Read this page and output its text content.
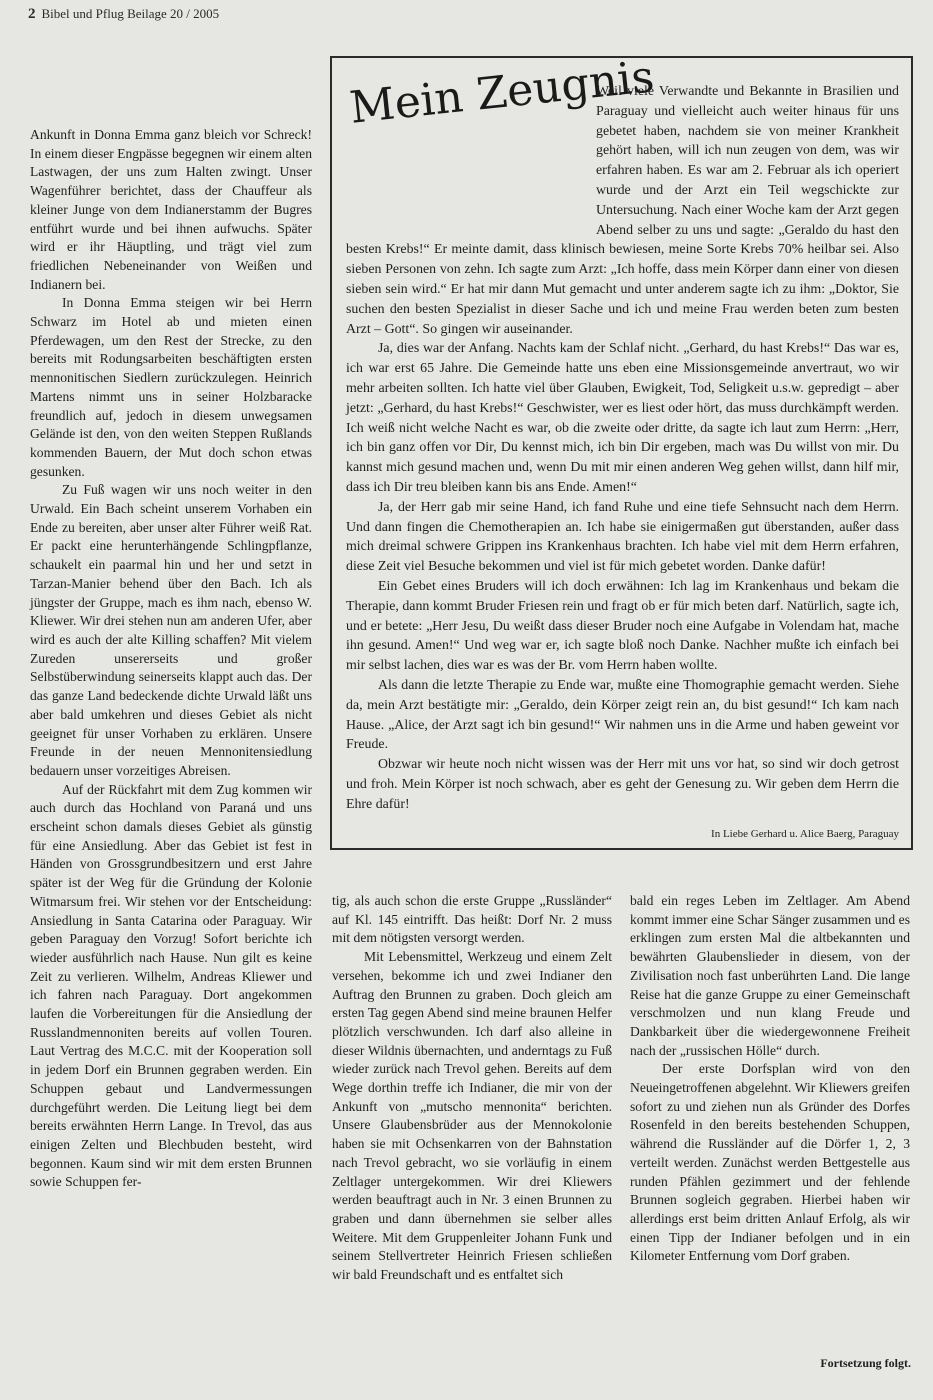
2 Bibel und Pflug Beilage 20 / 2005

Ankunft in Donna Emma ganz bleich vor Schreck! In einem dieser Engpässe begegnen wir einem alten Lastwagen, der uns zum Halten zwingt. Unser Wagenführer berichtet, dass der Chauffeur als kleiner Junge von dem Indianerstamm der Bugres entführt wurde und bei ihnen aufwuchs. Später wird er ihr Häuptling, und trägt viel zum friedlichen Nebeneinander von Weißen und Indianern bei.

In Donna Emma steigen wir bei Herrn Schwarz im Hotel ab und mieten einen Pferdewagen, um den Rest der Strecke, zu den bereits mit Rodungsarbeiten beschäftigten ersten mennonitischen Siedlern zurückzulegen. Heinrich Martens nimmt uns in seiner Holzbaracke freundlich auf, jedoch in diesem unwegsamen Gelände ist den, von den weiten Steppen Rußlands kommenden Bauern, der Mut doch schon etwas gesunken.

Zu Fuß wagen wir uns noch weiter in den Urwald. Ein Bach scheint unserem Vorhaben ein Ende zu bereiten, aber unser alter Führer weiß Rat. Er packt eine herunterhängende Schlingpflanze, schaukelt ein paarmal hin und her und setzt in Tarzan-Manier behend über den Bach. Ich als jüngster der Gruppe, mach es ihm nach, ebenso W. Kliewer. Wir drei stehen nun am anderen Ufer, aber wird es auch der alte Killing schaffen? Mit vielem Zureden unsererseits und großer Selbstüberwindung seinerseits klappt auch das. Der das ganze Land bedeckende dichte Urwald läßt uns aber bald umkehren und dieses Gebiet als nicht geeignet für unser Vorhaben zu erklären. Unsere Freunde in der neuen Mennonitensiedlung bedauern unser vorzeitiges Abreisen.

Auf der Rückfahrt mit dem Zug kommen wir auch durch das Hochland von Paraná und uns erscheint schon damals dieses Gebiet als günstig für eine Ansiedlung. Aber das Gebiet ist fest in Händen von Grossgrundbesitzern und erst Jahre später ist der Weg für die Gründung der Kolonie Witmarsum frei. Wir stehen vor der Entscheidung: Ansiedlung in Santa Catarina oder Paraguay. Wir geben Paraguay den Vorzug! Sofort berichte ich wieder ausführlich nach Hause. Nun gilt es keine Zeit zu verlieren. Wilhelm, Andreas Kliewer und ich fahren nach Paraguay. Dort angekommen laufen die Vorbereitungen für die Ansiedlung der Russlandmennoniten bereits auf vollen Touren. Laut Vertrag des M.C.C. mit der Kooperation soll in jedem Dorf ein Brunnen gegraben werden. Ein Schuppen gebaut und Landvermessungen durchgeführt werden. Die Leitung liegt bei dem bereits erwähnten Herrn Lange. In Trevol, das aus einigen Zelten und Blechbuden besteht, wird begonnen. Kaum sind wir mit dem ersten Brunnen sowie Schuppen fer-

Mein Zeugnis

Weil viele Verwandte und Bekannte in Brasilien und Paraguay und vielleicht auch weiter hinaus für uns gebetet haben, nachdem sie von meiner Krankheit gehört haben, will ich nun zeugen von dem, was wir erfahren haben. Es war am 2. Februar als ich operiert wurde und der Arzt ein Teil wegschickte zur Untersuchung. Nach einer Woche kam der Arzt gegen Abend selber zu uns und sagte: „Geraldo du hast den besten Krebs!“ Er meinte damit, dass klinisch bewiesen, meine Sorte Krebs 70% heilbar sei. Also sieben Personen von zehn. Ich sagte zum Arzt: „Ich hoffe, dass mein Körper dann einer von diesen sieben sein wird.“ Er hat mir dann Mut gemacht und unter anderem sagte ich zu ihm: „Doktor, Sie suchen den besten Spezialist in dieser Sache und ich und meine Frau werden beten zum besten Arzt – Gott“. So gingen wir auseinander.

Ja, dies war der Anfang. Nachts kam der Schlaf nicht. „Gerhard, du hast Krebs!“ Das war es, ich war erst 65 Jahre. Die Gemeinde hatte uns eben eine Missionsgemeinde anvertraut, wo wir mehr arbeiten sollten. Ich hatte viel über Glauben, Ewigkeit, Tod, Seligkeit u.s.w. gepredigt – aber jetzt: „Gerhard, du hast Krebs!“ Geschwister, wer es liest oder hört, das muss durchkämpft werden. Ich weiß nicht welche Nacht es war, ob die zweite oder dritte, da sagte ich laut zum Herrn: „Herr, ich bin ganz offen vor Dir, Du kennst mich, ich bin Dir ergeben, mach was Du willst von mir. Du kannst mich gesund machen und, wenn Du mit mir einen anderen Weg gehen willst, dann hilf mir, dass ich Dir treu bleiben kann bis ans Ende. Amen!“

Ja, der Herr gab mir seine Hand, ich fand Ruhe und eine tiefe Sehnsucht nach dem Herrn. Und dann fingen die Chemotherapien an. Ich habe sie einigermaßen gut überstanden, außer dass mich dreimal schwere Grippen ins Krankenhaus brachten. Ich habe viel mit dem Herrn erfahren, diese Zeit viel Besuche bekommen und viel ist für mich gebetet worden. Danke dafür!

Ein Gebet eines Bruders will ich doch erwähnen: Ich lag im Krankenhaus und bekam die Therapie, dann kommt Bruder Friesen rein und fragt ob er für mich beten darf. Natürlich, sagte ich, und er betete: „Herr Jesu, Du weißt dass dieser Bruder noch eine Aufgabe in Volendam hat, mache ihn gesund. Amen!“ Und weg war er, ich sagte bloß noch Danke. Nachher mußte ich einfach bei mir selbst lachen, dies war es was der Br. vom Herrn haben wollte.

Als dann die letzte Therapie zu Ende war, mußte eine Thomographie gemacht werden. Siehe da, mein Arzt bestätigte mir: „Geraldo, dein Körper zeigt rein an, du bist gesund!“ Ich kam nach Hause. „Alice, der Arzt sagt ich bin gesund!“ Wir nahmen uns in die Arme und haben geweint vor Freude.

Obzwar wir heute noch nicht wissen was der Herr mit uns vor hat, so sind wir doch getrost und froh. Mein Körper ist noch schwach, aber es geht der Genesung zu. Wir geben dem Herrn die Ehre dafür!

In Liebe Gerhard u. Alice Baerg, Paraguay

tig, als auch schon die erste Gruppe „Russländer“ auf Kl. 145 eintrifft. Das heißt: Dorf Nr. 2 muss mit dem nötigsten versorgt werden.

Mit Lebensmittel, Werkzeug und einem Zelt versehen, bekomme ich und zwei Indianer den Auftrag den Brunnen zu graben. Doch gleich am ersten Tag gegen Abend sind meine braunen Helfer plötzlich verschwunden. Ich darf also alleine in dieser Wildnis übernachten, und anderntags zu Fuß wieder zurück nach Trevol gehen. Bereits auf dem Wege dorthin treffe ich Indianer, die mir von der Ankunft von „mutscho mennonita“ berichten. Unsere Glaubensbrüder aus der Mennokolonie haben sie mit Ochsenkarren von der Bahnstation nach Trevol gebracht, wo sie vorläufig in einem Zeltlager untergekommen. Wir drei Kliewers werden beauftragt auch in Nr. 3 einen Brunnen zu graben und dann übernehmen sie selber alles Weitere. Mit dem Gruppenleiter Johann Funk und seinem Stellvertreter Heinrich Friesen schließen wir bald Freundschaft und es entfaltet sich

bald ein reges Leben im Zeltlager. Am Abend kommt immer eine Schar Sänger zusammen und es erklingen zum ersten Mal die altbekannten und bewährten Glaubenslieder in diesem, von der Zivilisation noch fast unberührten Land. Die lange Reise hat die ganze Gruppe zu einer Gemeinschaft verschmolzen und nun klang Freude und Dankbarkeit über die wiedergewonnene Freiheit nach der „russischen Hölle“ durch.

Der erste Dorfsplan wird von den Neueingetroffenen abgelehnt. Wir Kliewers greifen sofort zu und ziehen nun als Gründer des Dorfes Rosenfeld in den bereits bestehenden Schuppen, während die Russländer auf die Dörfer 1, 2, 3 verteilt werden. Zunächst werden Bettgestelle aus runden Pfählen gezimmert und der fehlende Brunnen sogleich gegraben. Hierbei haben wir allerdings erst beim dritten Anlauf Erfolg, als wir einen Tipp der Indianer befolgen und in ein Kilometer Entfernung vom Dorf graben.

Fortsetzung folgt.
